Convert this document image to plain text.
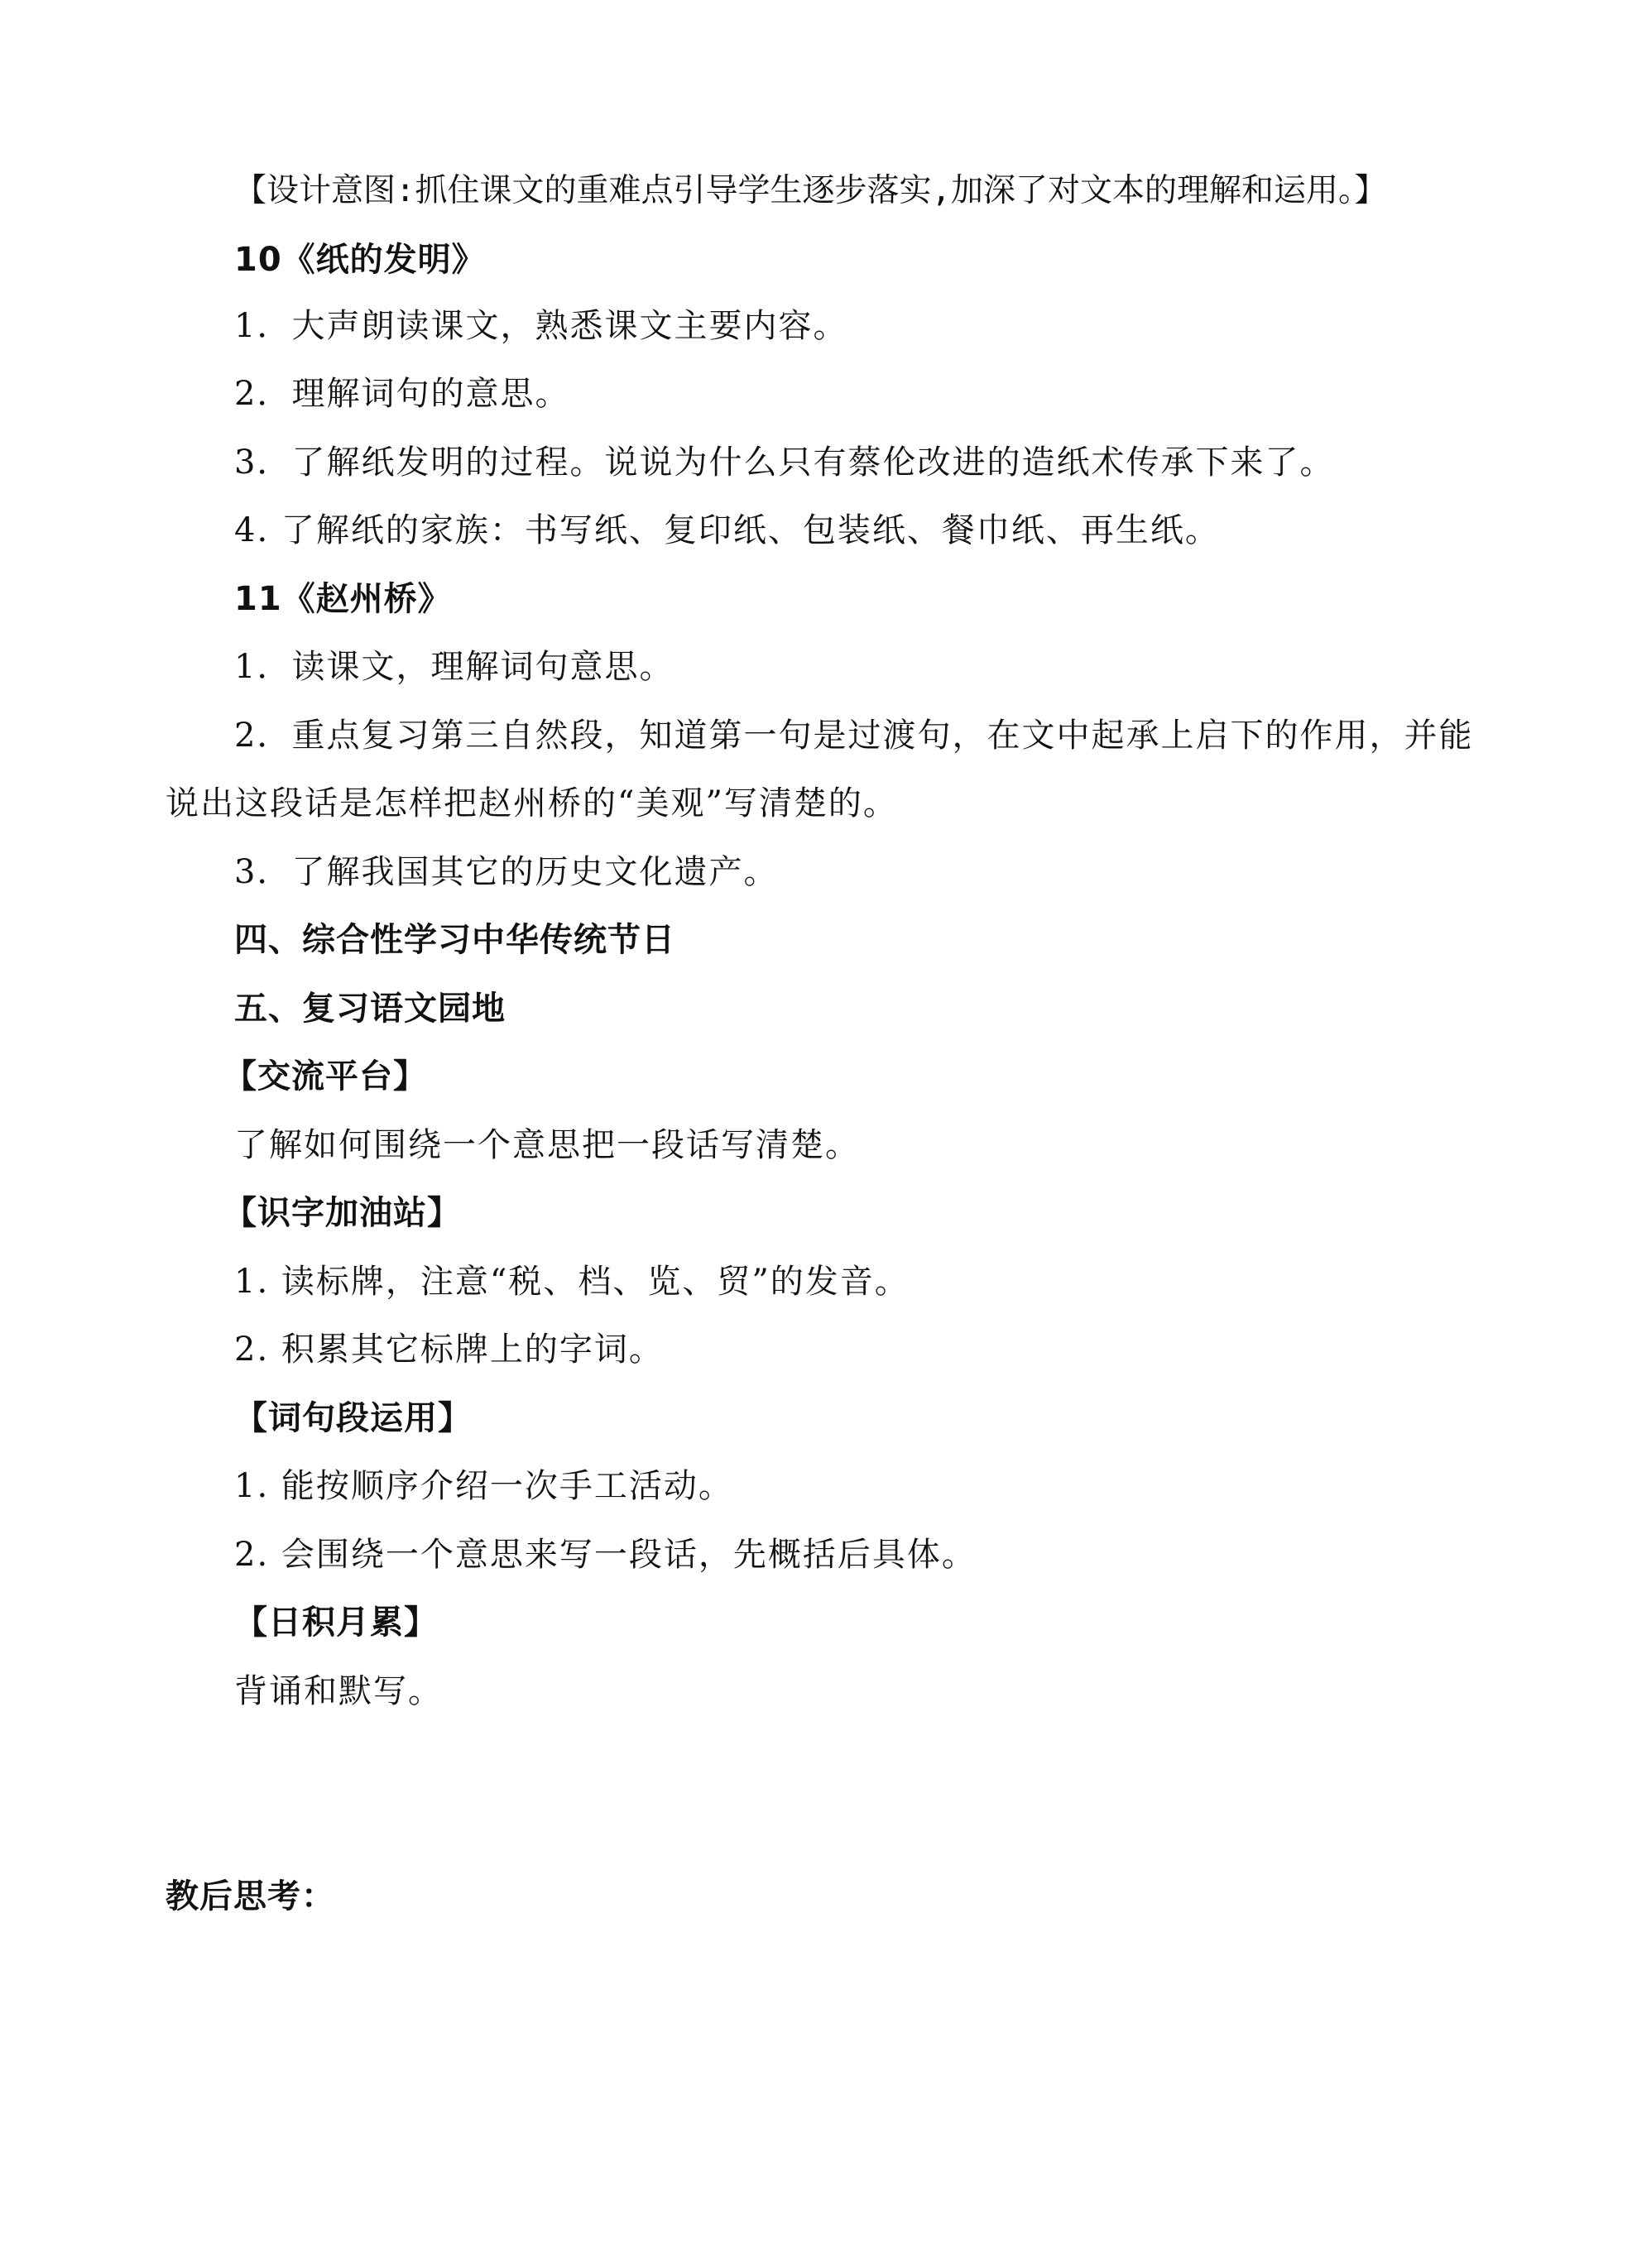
【设计意图:抓住课文的重难点引导学生逐步落实,加深了对文本的理解和运用。】
10《纸的发明》
1．大声朗读课文，熟悉课文主要内容。
2．理解词句的意思。
3．了解纸发明的过程。说说为什么只有蔡伦改进的造纸术传承下来了。
4. 了解纸的家族：书写纸、复印纸、包装纸、餐巾纸、再生纸。
11《赵州桥》
1．读课文，理解词句意思。
2．重点复习第三自然段，知道第一句是过渡句，在文中起承上启下的作用，并能
说出这段话是怎样把赵州桥的“美观”写清楚的。
3．了解我国其它的历史文化遗产。
四、综合性学习中华传统节日
五、复习语文园地
【交流平台】
了解如何围绕一个意思把一段话写清楚。
【识字加油站】
1. 读标牌，注意“税、档、览、贸”的发音。
2. 积累其它标牌上的字词。
【词句段运用】
1. 能按顺序介绍一次手工活动。
2. 会围绕一个意思来写一段话，先概括后具体。
【日积月累】
背诵和默写。
教后思考：
